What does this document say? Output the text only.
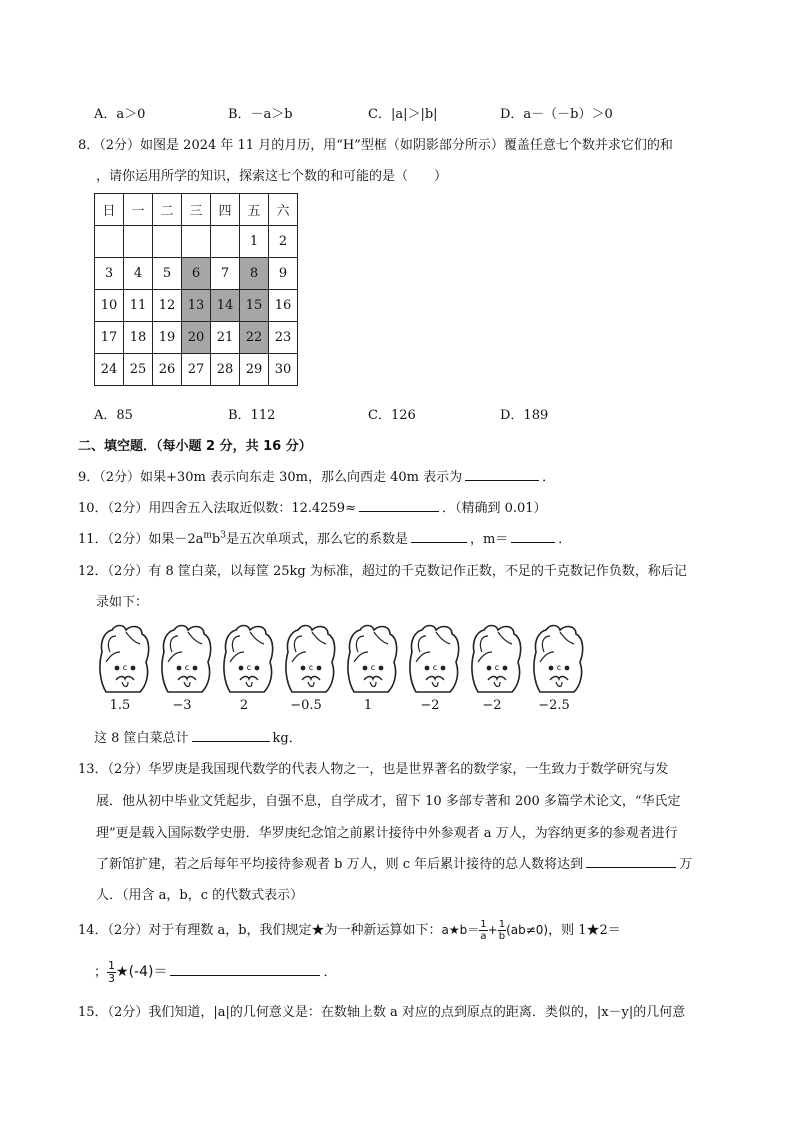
A．a＞0	B．－a＞b	C．|a|＞|b|	D．a－（－b）＞0
8．（2分）如图是 2024 年 11 月的月历，用“H”型框（如阴影部分所示）覆盖任意七个数并求它们的和
，请你运用所学的知识，探索这七个数的和可能的是（　　）
日	一	二	三	四	五	六
					1	2
3	4	5	6	7	8	9
10	11	12	13	14	15	16
17	18	19	20	21	22	23
24	25	26	27	28	29	30
A．85	B．112	C．126	D．189
二、填空题．（每小题 2 分，共 16 分）
9．（2分）如果+30m 表示向东走 30m，那么向西走 40m 表示为	．
10．（2分）用四舍五入法取近似数：12.4259≈	．（精确到 0.01）
11．（2分）如果$-2a^mb^3$是五次单项式，那么它的系数是	，m＝	．
12．（2分）有 8 筐白菜，以每筐 25kg 为标准，超过的千克数记作正数，不足的千克数记作负数，称后记
录如下：
c
1.5
c
−3
c
2
c
−0.5
c
1
c
−2
c
−2
c
−2.5
这 8 筐白菜总计	kg．
13．（2分）华罗庚是我国现代数学的代表人物之一，也是世界著名的数学家，一生致力于数学研究与发
展．他从初中毕业文凭起步，自强不息，自学成才，留下 10 多部专著和 200 多篇学术论文，“华氏定
理”更是载入国际数学史册．华罗庚纪念馆之前累计接待中外参观者 a 万人，为容纳更多的参观者进行
了新馆扩建，若之后每年平均接待参观者 b 万人，则 c 年后累计接待的总人数将达到	万
人．（用含 a，b，c 的代数式表示）
14．（2分）对于有理数 a，b，我们规定★为一种新运算如下：a★b＝ $\frac{1}{a} + \frac{1}{b} (ab\ne 0)$，则 1★2＝
； $\frac{1}{3}$ ★(-4)＝	．
15．（2分）我们知道，|a|的几何意义是：在数轴上数 a 对应的点到原点的距离．类似的，|x－y|的几何意
